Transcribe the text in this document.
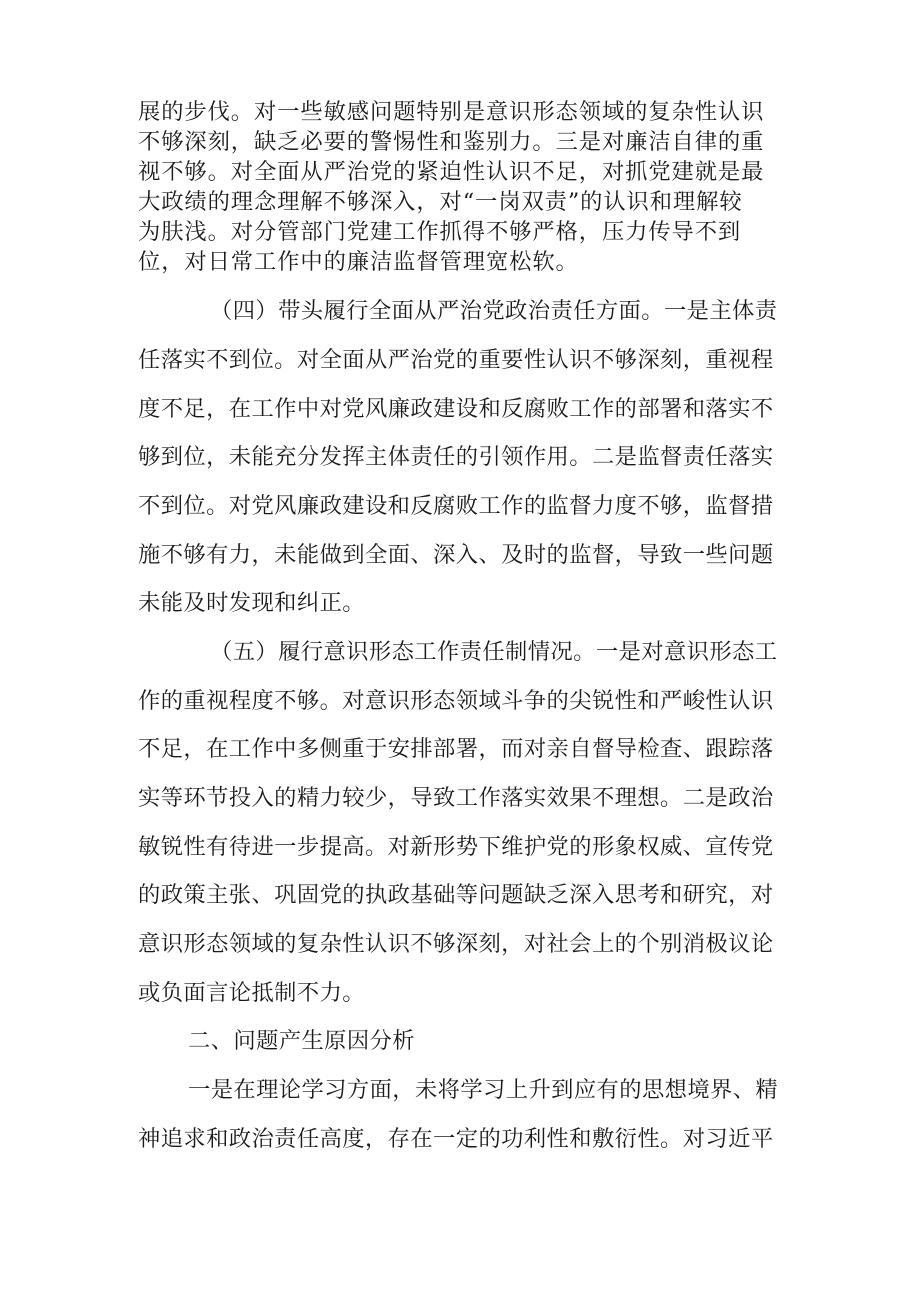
展的步伐。对一些敏感问题特别是意识形态领域的复杂性认识

不够深刻，缺乏必要的警惕性和鉴别力。三是对廉洁自律的重

视不够。对全面从严治党的紧迫性认识不足，对抓党建就是最

大政绩的理念理解不够深入，对“一岗双责”的认识和理解较

为肤浅。对分管部门党建工作抓得不够严格，压力传导不到

位，对日常工作中的廉洁监督管理宽松软。

（四）带头履行全面从严治党政治责任方面。一是主体责

任落实不到位。对全面从严治党的重要性认识不够深刻，重视程

度不足，在工作中对党风廉政建设和反腐败工作的部署和落实不

够到位，未能充分发挥主体责任的引领作用。二是监督责任落实

不到位。对党风廉政建设和反腐败工作的监督力度不够，监督措

施不够有力，未能做到全面、深入、及时的监督，导致一些问题

未能及时发现和纠正。

（五）履行意识形态工作责任制情况。一是对意识形态工

作的重视程度不够。对意识形态领域斗争的尖锐性和严峻性认识

不足，在工作中多侧重于安排部署，而对亲自督导检查、跟踪落

实等环节投入的精力较少，导致工作落实效果不理想。二是政治

敏锐性有待进一步提高。对新形势下维护党的形象权威、宣传党

的政策主张、巩固党的执政基础等问题缺乏深入思考和研究，对

意识形态领域的复杂性认识不够深刻，对社会上的个别消极议论

或负面言论抵制不力。

二、问题产生原因分析

一是在理论学习方面，未将学习上升到应有的思想境界、精

神追求和政治责任高度，存在一定的功利性和敷衍性。对习近平
